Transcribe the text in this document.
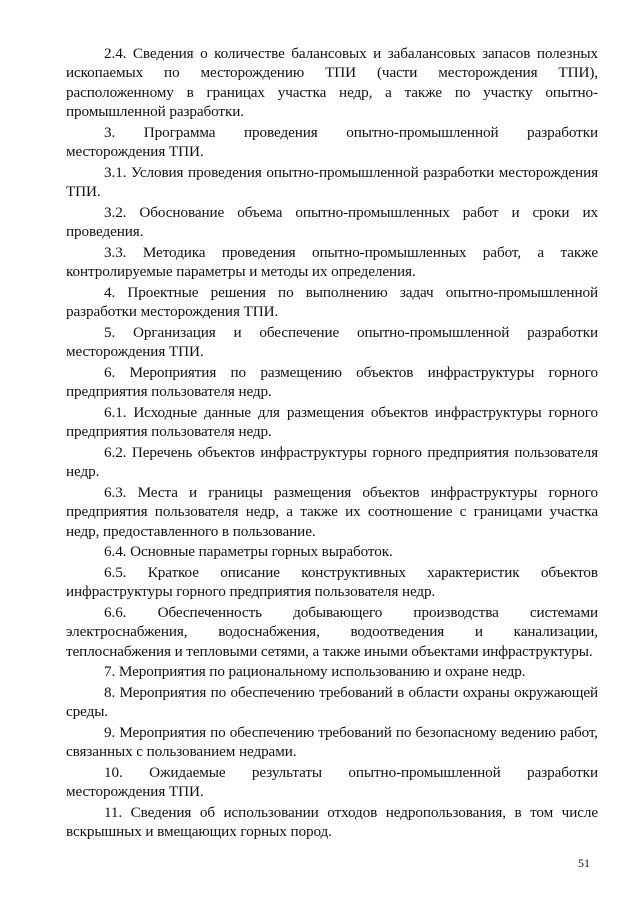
2.4. Сведения о количестве балансовых и забалансовых запасов полезных ископаемых по месторождению ТПИ (части месторождения ТПИ), расположенному в границах участка недр, а также по участку опытно-промышленной разработки.

3. Программа проведения опытно-промышленной разработки месторождения ТПИ.

3.1. Условия проведения опытно-промышленной разработки месторождения ТПИ.

3.2. Обоснование объема опытно-промышленных работ и сроки их проведения.

3.3. Методика проведения опытно-промышленных работ, а также контролируемые параметры и методы их определения.

4. Проектные решения по выполнению задач опытно-промышленной разработки месторождения ТПИ.

5. Организация и обеспечение опытно-промышленной разработки месторождения ТПИ.

6. Мероприятия по размещению объектов инфраструктуры горного предприятия пользователя недр.

6.1. Исходные данные для размещения объектов инфраструктуры горного предприятия пользователя недр.

6.2. Перечень объектов инфраструктуры горного предприятия пользователя недр.

6.3. Места и границы размещения объектов инфраструктуры горного предприятия пользователя недр, а также их соотношение с границами участка недр, предоставленного в пользование.

6.4. Основные параметры горных выработок.

6.5. Краткое описание конструктивных характеристик объектов инфраструктуры горного предприятия пользователя недр.

6.6. Обеспеченность добывающего производства системами электроснабжения, водоснабжения, водоотведения и канализации, теплоснабжения и тепловыми сетями, а также иными объектами инфраструктуры.

7. Мероприятия по рациональному использованию и охране недр.

8. Мероприятия по обеспечению требований в области охраны окружающей среды.

9. Мероприятия по обеспечению требований по безопасному ведению работ, связанных с пользованием недрами.

10. Ожидаемые результаты опытно-промышленной разработки месторождения ТПИ.

11. Сведения об использовании отходов недропользования, в том числе вскрышных и вмещающих горных пород.

51
